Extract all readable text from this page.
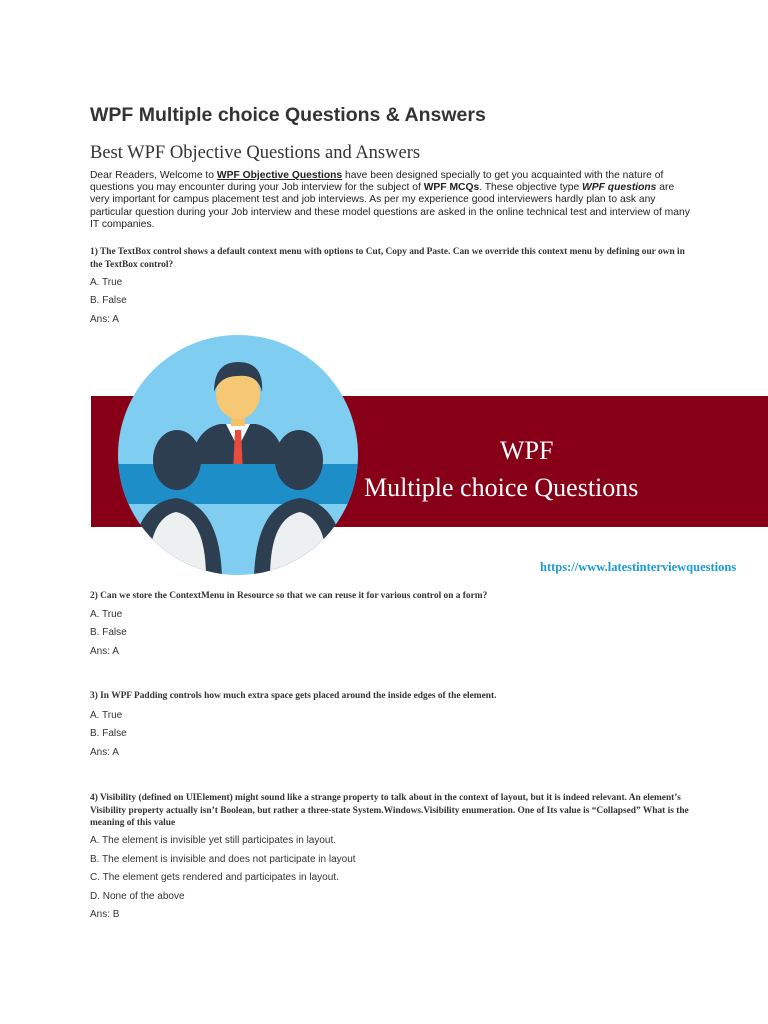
WPF Multiple choice Questions & Answers
Best WPF Objective Questions and Answers

Dear Readers, Welcome to WPF Objective Questions have been designed specially to get you acquainted with the nature of questions you may encounter during your Job interview for the subject of WPF MCQs. These objective type WPF questions are very important for campus placement test and job interviews. As per my experience good interviewers hardly plan to ask any particular question during your Job interview and these model questions are asked in the online technical test and interview of many IT companies.

1) The TextBox control shows a default context menu with options to Cut, Copy and Paste. Can we override this context menu by defining our own in the TextBox control?

A. True

B. False

Ans: A

2) Can we store the ContextMenu in Resource so that we can reuse it for various control on a form?

A. True

B. False

Ans: A

3) In WPF Padding controls how much extra space gets placed around the inside edges of the element.

A. True

B. False

Ans: A

4) Visibility (defined on UIElement) might sound like a strange property to talk about in the context of layout, but it is indeed relevant. An element’s Visibility property actually isn’t Boolean, but rather a three-state System.Windows.Visibility enumeration. One of Its value is “Collapsed” What is the meaning of this value

A. The element is invisible yet still participates in layout.

B. The element is invisible and does not participate in layout

C. The element gets rendered and participates in layout.

D. None of the above

Ans: B

WPF

Multiple choice Questions

https://www.latestinterviewquestions
